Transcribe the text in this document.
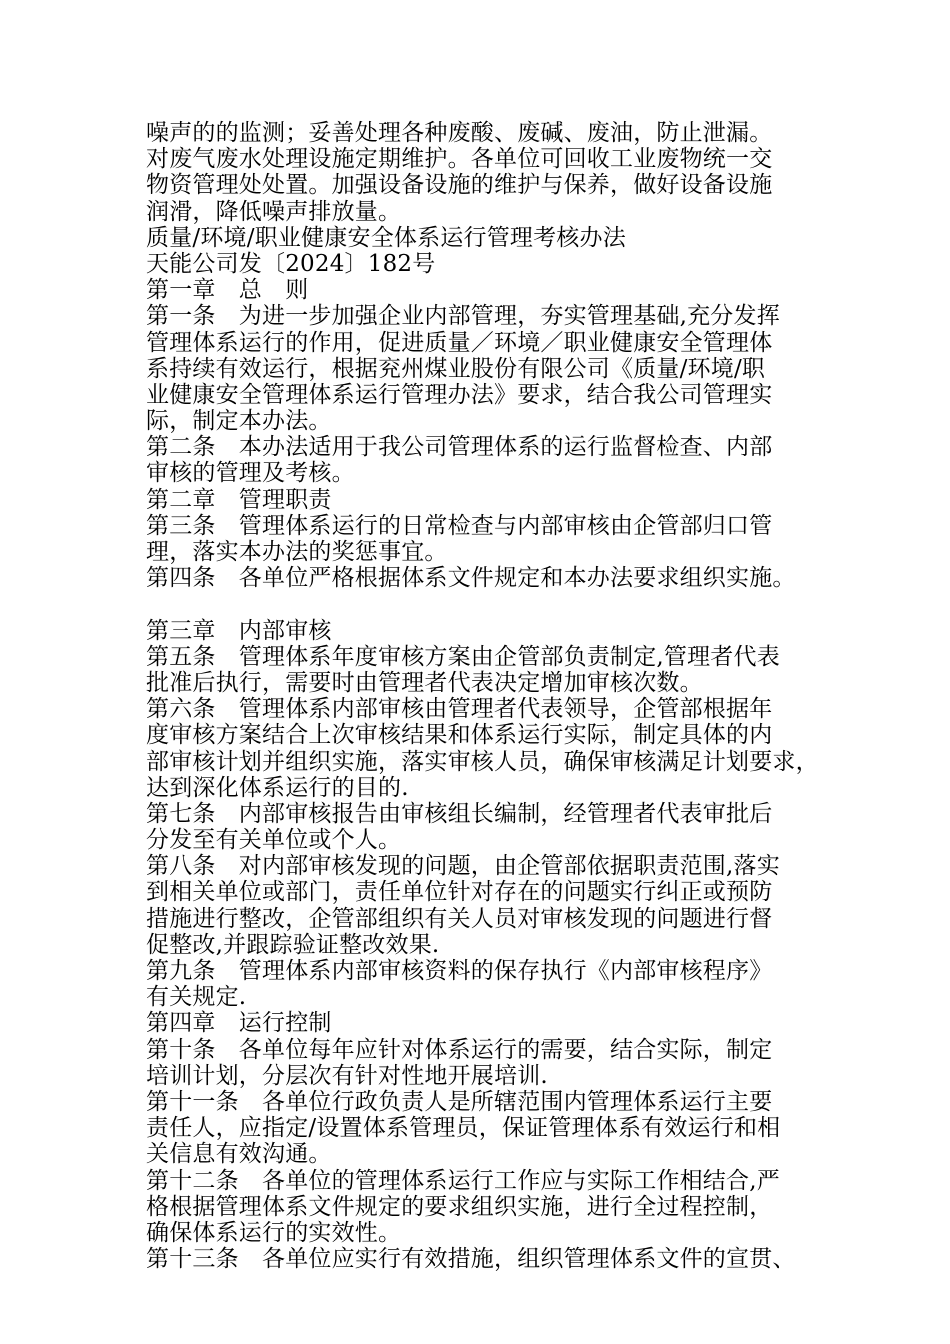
噪声的的监测；妥善处理各种废酸、废碱、废油，防止泄漏。
对废气废水处理设施定期维护。各单位可回收工业废物统一交
物资管理处处置。加强设备设施的维护与保养，做好设备设施
润滑，降低噪声排放量。
质量/环境/职业健康安全体系运行管理考核办法
天能公司发〔2024〕182号
第一章　总　则
第一条　为进一步加强企业内部管理，夯实管理基础,充分发挥
管理体系运行的作用，促进质量／环境／职业健康安全管理体
系持续有效运行，根据兖州煤业股份有限公司《质量/环境/职
业健康安全管理体系运行管理办法》要求，结合我公司管理实
际，制定本办法。
第二条　本办法适用于我公司管理体系的运行监督检查、内部
审核的管理及考核。
第二章　管理职责
第三条　管理体系运行的日常检查与内部审核由企管部归口管
理，落实本办法的奖惩事宜。
第四条　各单位严格根据体系文件规定和本办法要求组织实施。
第三章　内部审核
第五条　管理体系年度审核方案由企管部负责制定,管理者代表
批准后执行，需要时由管理者代表决定增加审核次数。
第六条　管理体系内部审核由管理者代表领导，企管部根据年
度审核方案结合上次审核结果和体系运行实际，制定具体的内
部审核计划并组织实施，落实审核人员，确保审核满足计划要求，
达到深化体系运行的目的.
第七条　内部审核报告由审核组长编制，经管理者代表审批后
分发至有关单位或个人。
第八条　对内部审核发现的问题，由企管部依据职责范围,落实
到相关单位或部门，责任单位针对存在的问题实行纠正或预防
措施进行整改，企管部组织有关人员对审核发现的问题进行督
促整改,并跟踪验证整改效果.
第九条　管理体系内部审核资料的保存执行《内部审核程序》
有关规定.
第四章　运行控制
第十条　各单位每年应针对体系运行的需要，结合实际，制定
培训计划，分层次有针对性地开展培训.
第十一条　各单位行政负责人是所辖范围内管理体系运行主要
责任人，应指定/设置体系管理员，保证管理体系有效运行和相
关信息有效沟通。
第十二条　各单位的管理体系运行工作应与实际工作相结合,严
格根据管理体系文件规定的要求组织实施，进行全过程控制，
确保体系运行的实效性。
第十三条　各单位应实行有效措施，组织管理体系文件的宣贯、
